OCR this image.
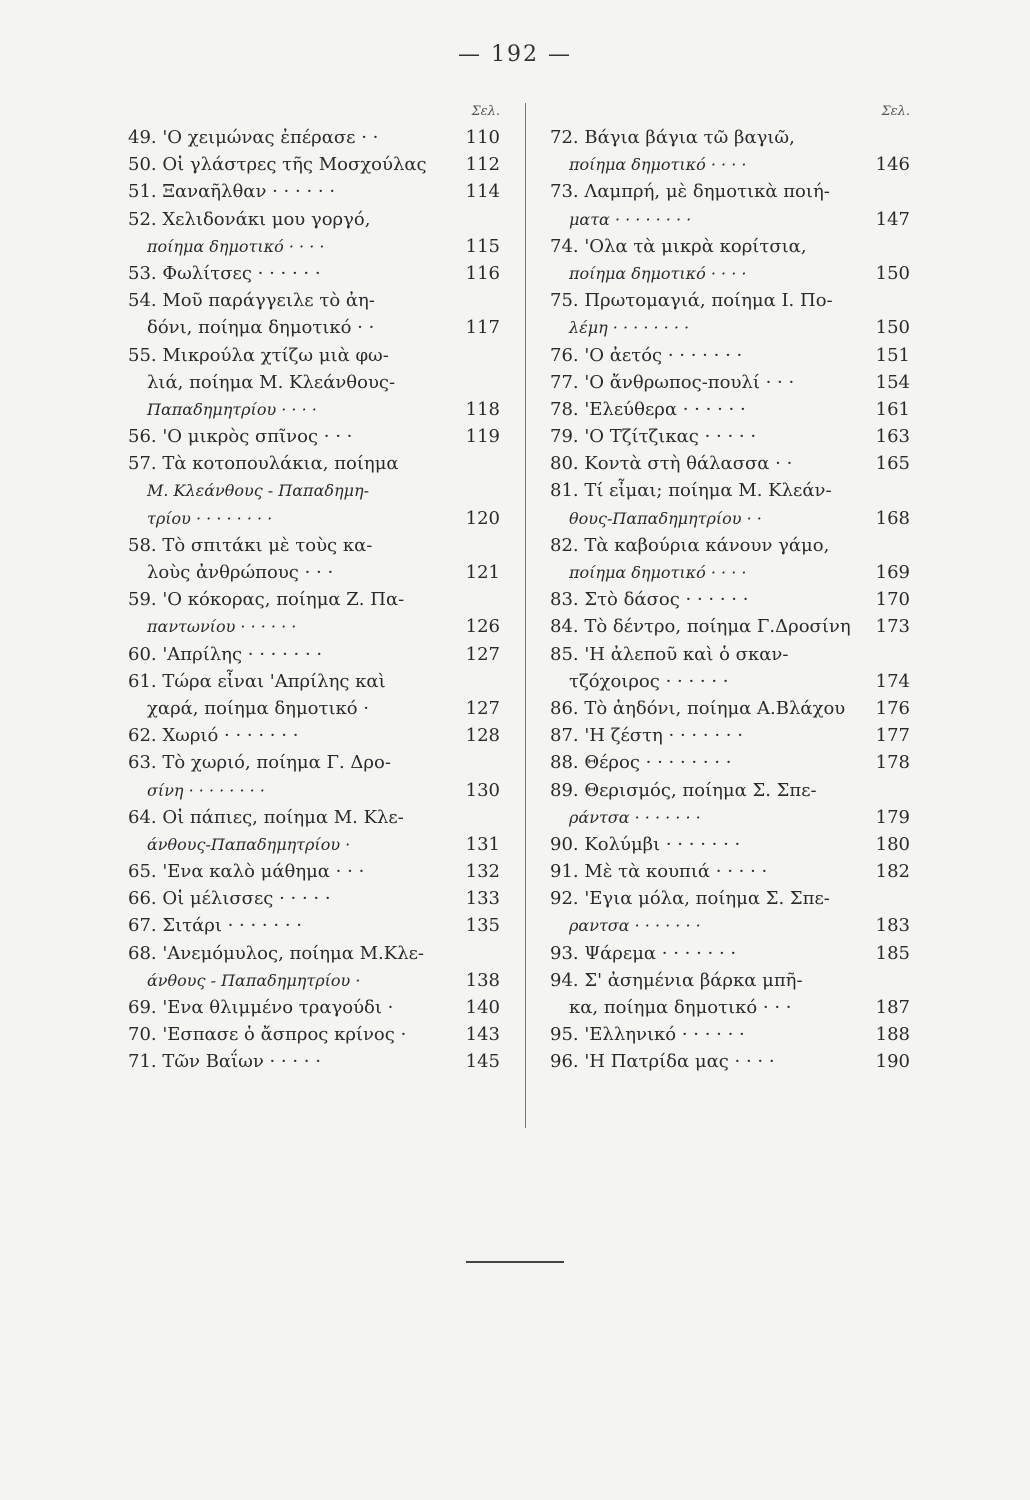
— 192 —
Σελ.
49. 'Ο χειμώνας ἐπέρασε · ·	110
50. Οἱ γλάστρες τῆς Μοσχούλας 112
51. Ξαναῆλθαν · · · · · ·	114
52. Χελιδονάκι μου γοργό,
ποίημα δημοτικό · · · ·	115
53. Φωλίτσες · · · · · ·	116
54. Μοῦ παράγγειλε τὸ ἀη-
δόνι, ποίημα δημοτικό · ·	117
55. Μικρούλα χτίζω μιὰ φω-
λιά, ποίημα Μ. Κλεάνθους-
Παπαδημητρίου · · · ·	118
56. 'Ο μικρὸς σπῖνος · · ·	119
57. Τὰ κοτοπουλάκια, ποίημα
Μ. Κλεάνθους - Παπαδημη-
τρίου · · · · · · · ·	120
58. Τὸ σπιτάκι μὲ τοὺς κα-
λοὺς ἀνθρώπους · · ·	121
59. 'Ο κόκορας, ποίημα Ζ. Πα-
παντωνίου · · · · · ·	126
60. 'Απρίλης · · · · · · ·	127
61. Τώρα εἶναι 'Απρίλης καὶ
χαρά, ποίημα δημοτικό ·	127
62. Χωριό · · · · · · ·	128
63. Τὸ χωριό, ποίημα Γ. Δρο-
σίνη · · · · · · · ·	130
64. Οἱ πάπιες, ποίημα Μ. Κλε-
άνθους-Παπαδημητρίου ·	131
65. 'Ενα καλὸ μάθημα · · ·	132
66. Οἱ μέλισσες · · · · ·	133
67. Σιτάρι · · · · · · ·	135
68. 'Ανεμόμυλος, ποίημα Μ.Κλε-
άνθους - Παπαδημητρίου ·	138
69. 'Ενα θλιμμένο τραγούδι ·	140
70. 'Εσπασε ὁ ἄσπρος κρίνος ·	143
71. Τῶν Βαΐων · · · · ·	145
Σελ.
72. Βάγια βάγια τῶ βαγιῶ,
ποίημα δημοτικό · · · ·	146
73. Λαμπρή, μὲ δημοτικὰ ποιή-
ματα · · · · · · · ·	147
74. 'Ολα τὰ μικρὰ κορίτσια,
ποίημα δημοτικό · · · ·	150
75. Πρωτομαγιά, ποίημα Ι. Πο-
λέμη · · · · · · · ·	150
76. 'Ο ἀετός · · · · · · ·	151
77. 'Ο ἄνθρωπος-πουλί · · ·	154
78. 'Ελεύθερα · · · · · ·	161
79. 'Ο Τζίτζικας · · · · ·	163
80. Κοντὰ στὴ θάλασσα · ·	165
81. Τί εἶμαι; ποίημα Μ. Κλεάν-
θους-Παπαδημητρίου · ·	168
82. Τὰ καβούρια κάνουν γάμο,
ποίημα δημοτικό · · · ·	169
83. Στὸ δάσος · · · · · ·	170
84. Τὸ δέντρο, ποίημα Γ.Δροσίνη 173
85. 'Η ἀλεποῦ καὶ ὁ σκαν-
τζόχοιρος · · · · · ·	174
86. Τὸ ἀηδόνι, ποίημα Α.Βλάχου 176
87. 'Η ζέστη · · · · · · ·	177
88. Θέρος · · · · · · · ·	178
89. Θερισμός, ποίημα Σ. Σπε-
ράντσα · · · · · · ·	179
90. Κολύμβι · · · · · · ·	180
91. Μὲ τὰ κουπιά · · · · ·	182
92. 'Εγια μόλα, ποίημα Σ. Σπε-
ραντσα · · · · · · ·	183
93. Ψάρεμα · · · · · · ·	185
94. Σ' ἀσημένια βάρκα μπῆ-
κα, ποίημα δημοτικό · · ·	187
95. 'Ελληνικό · · · · · ·	188
96. 'Η Πατρίδα μας · · · ·	190
